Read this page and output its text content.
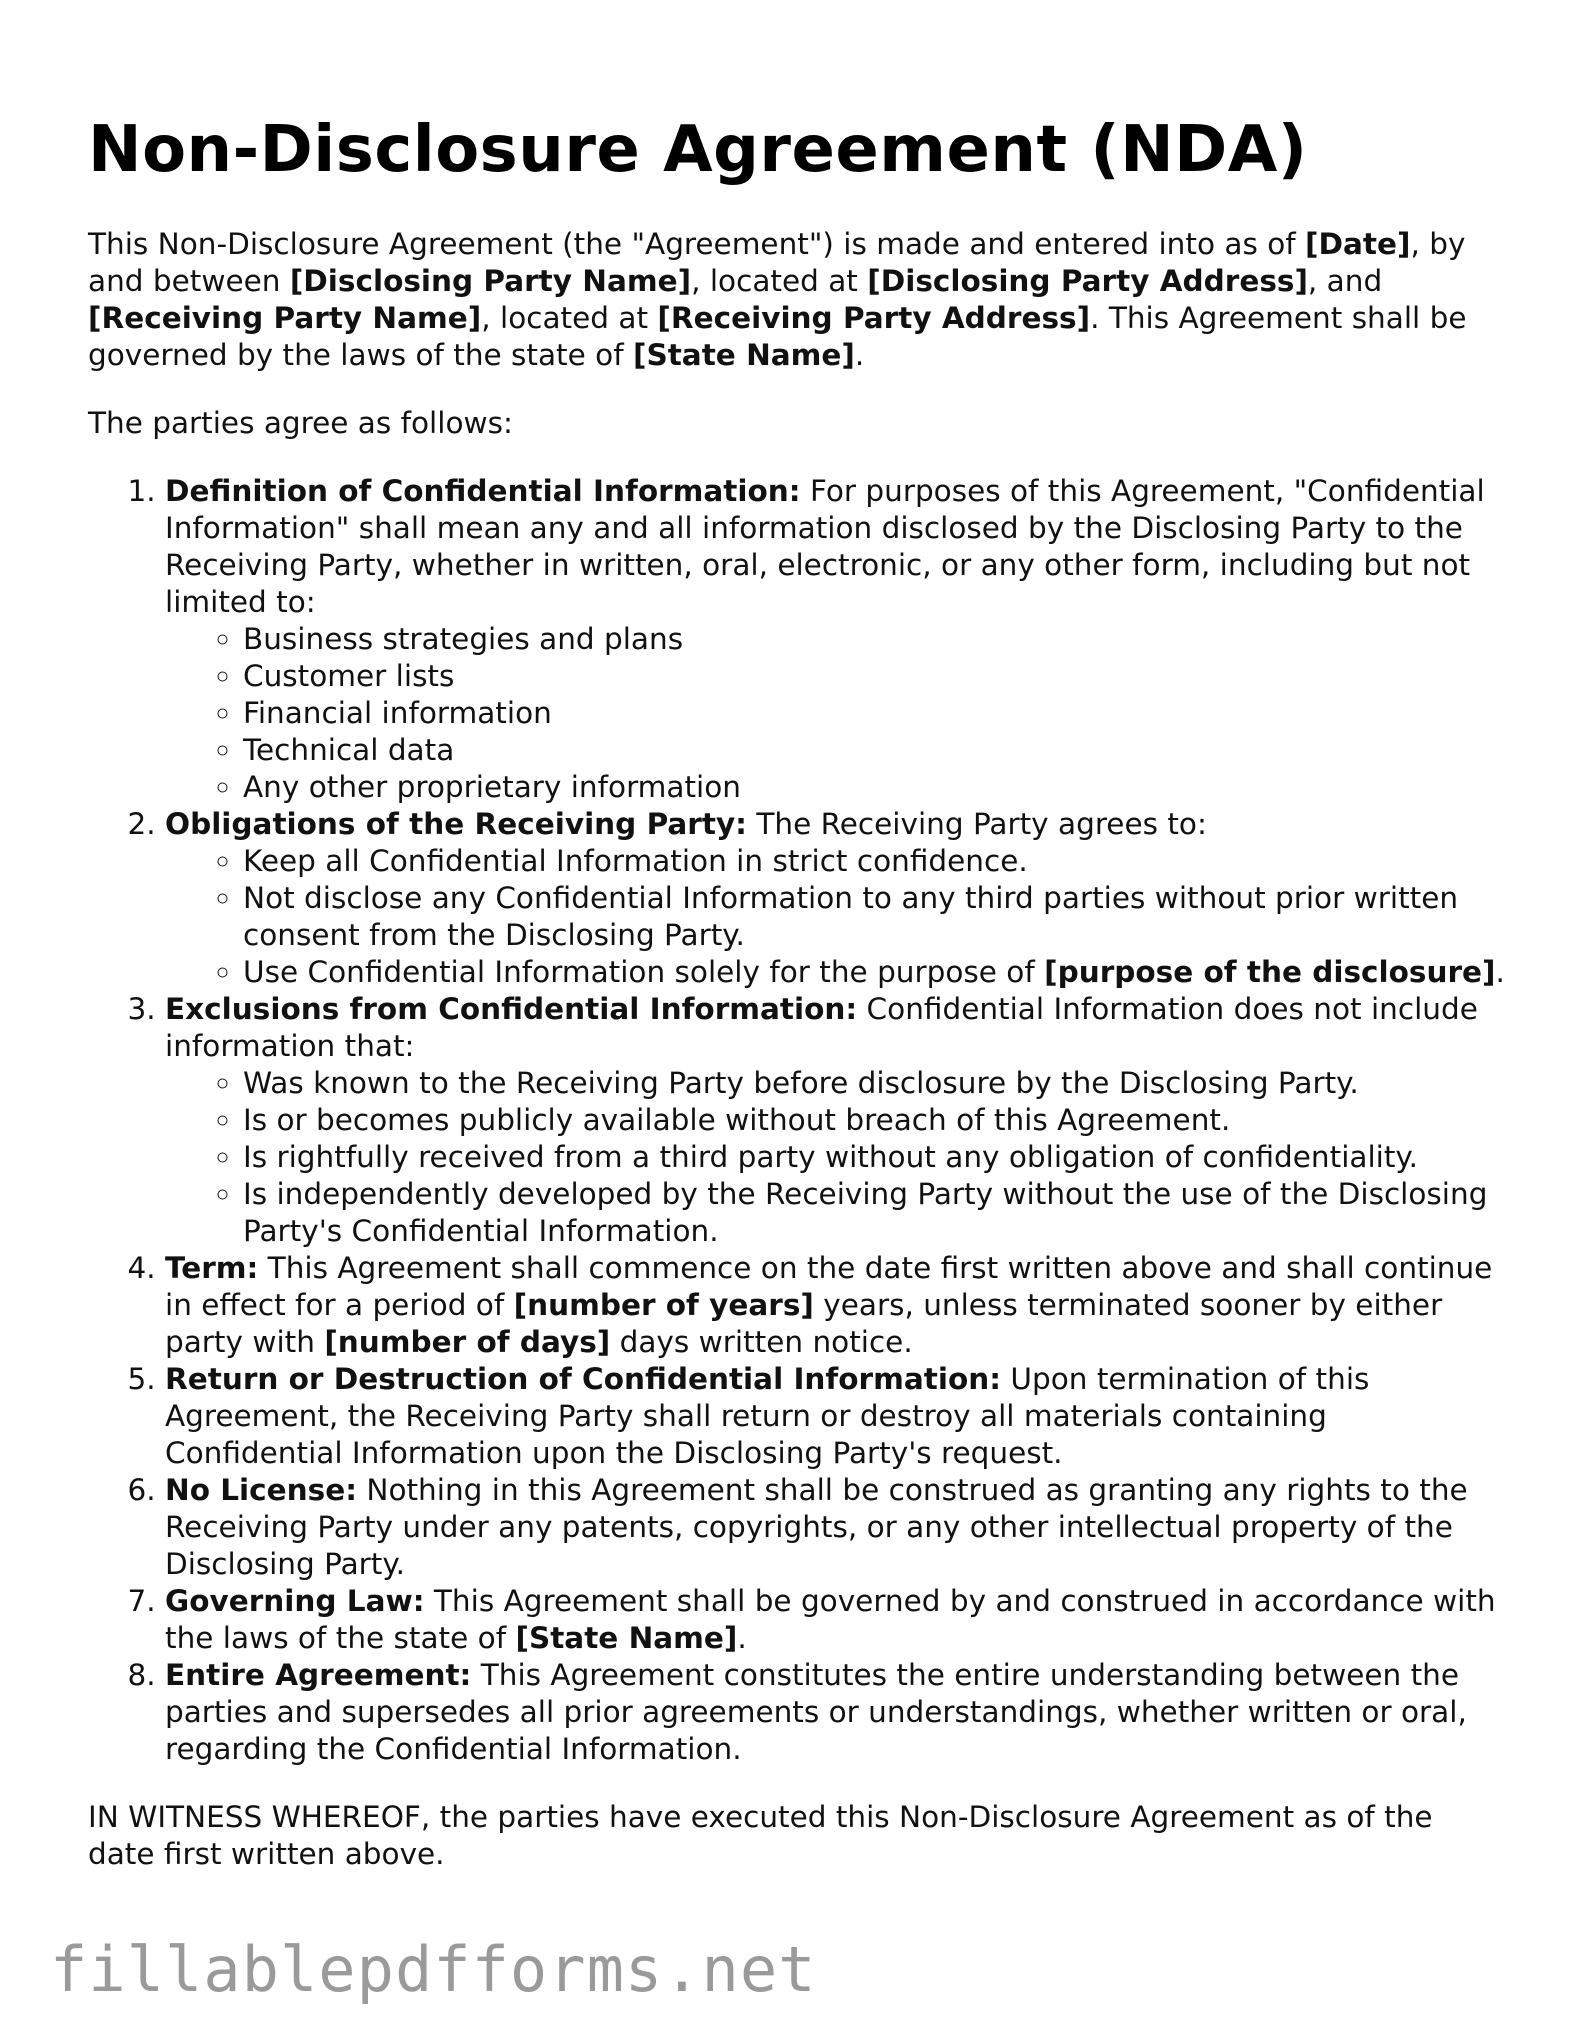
Non-Disclosure Agreement (NDA)

This Non-Disclosure Agreement (the "Agreement") is made and entered into as of [Date], by and between [Disclosing Party Name], located at [Disclosing Party Address], and [Receiving Party Name], located at [Receiving Party Address]. This Agreement shall be governed by the laws of the state of [State Name].

The parties agree as follows:

1. Definition of Confidential Information: For purposes of this Agreement, "Confidential Information" shall mean any and all information disclosed by the Disclosing Party to the Receiving Party, whether in written, oral, electronic, or any other form, including but not limited to:
◦ Business strategies and plans
◦ Customer lists
◦ Financial information
◦ Technical data
◦ Any other proprietary information
2. Obligations of the Receiving Party: The Receiving Party agrees to:
◦ Keep all Confidential Information in strict confidence.
◦ Not disclose any Confidential Information to any third parties without prior written consent from the Disclosing Party.
◦ Use Confidential Information solely for the purpose of [purpose of the disclosure].
3. Exclusions from Confidential Information: Confidential Information does not include information that:
◦ Was known to the Receiving Party before disclosure by the Disclosing Party.
◦ Is or becomes publicly available without breach of this Agreement.
◦ Is rightfully received from a third party without any obligation of confidentiality.
◦ Is independently developed by the Receiving Party without the use of the Disclosing Party's Confidential Information.
4. Term: This Agreement shall commence on the date first written above and shall continue in effect for a period of [number of years] years, unless terminated sooner by either party with [number of days] days written notice.
5. Return or Destruction of Confidential Information: Upon termination of this Agreement, the Receiving Party shall return or destroy all materials containing Confidential Information upon the Disclosing Party's request.
6. No License: Nothing in this Agreement shall be construed as granting any rights to the Receiving Party under any patents, copyrights, or any other intellectual property of the Disclosing Party.
7. Governing Law: This Agreement shall be governed by and construed in accordance with the laws of the state of [State Name].
8. Entire Agreement: This Agreement constitutes the entire understanding between the parties and supersedes all prior agreements or understandings, whether written or oral, regarding the Confidential Information.

IN WITNESS WHEREOF, the parties have executed this Non-Disclosure Agreement as of the date first written above.

fillablepdfforms.net
